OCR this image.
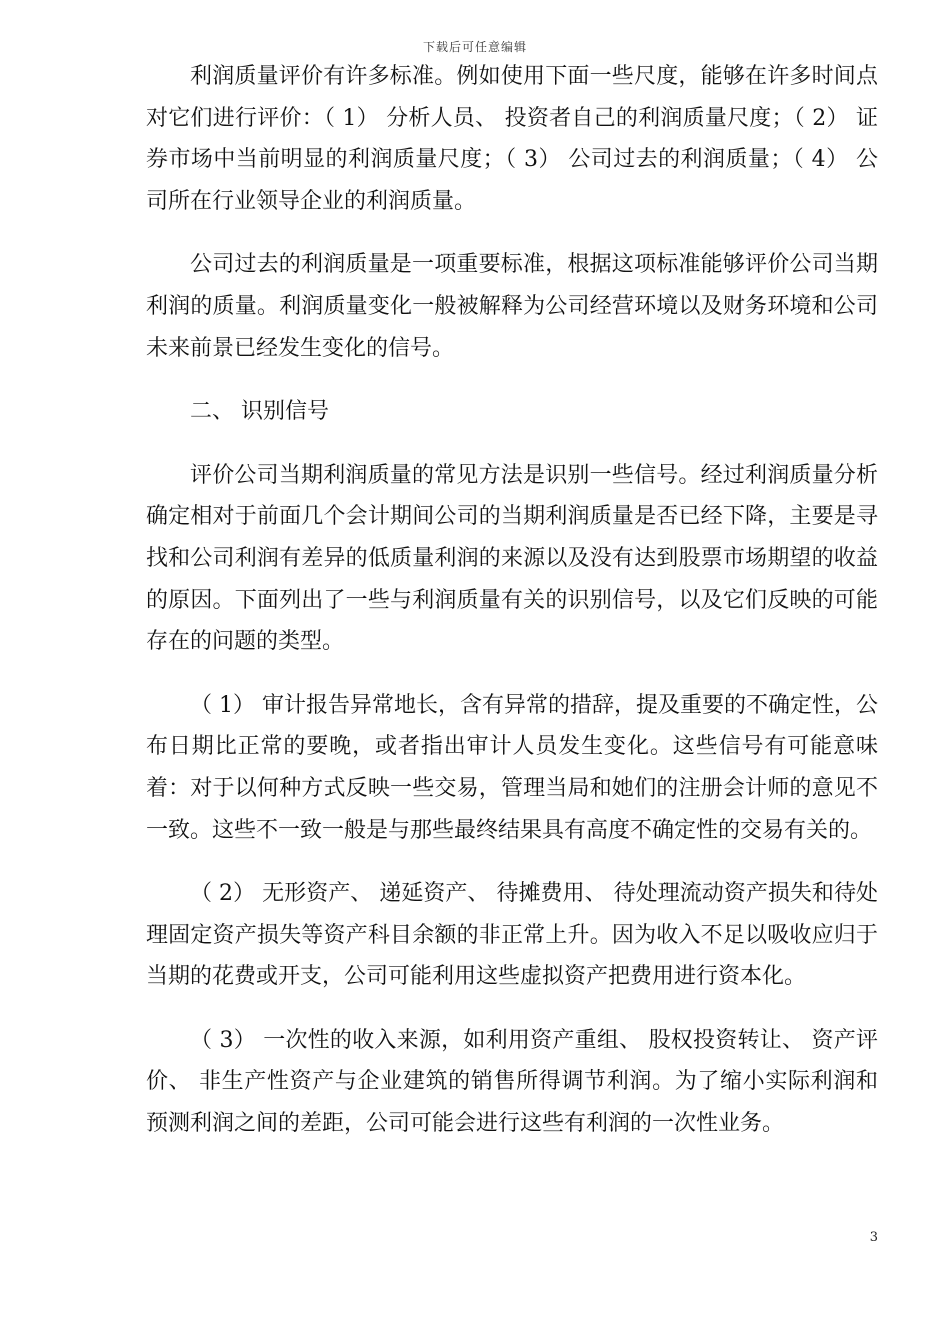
下载后可任意编辑

利润质量评价有许多标准。例如使用下面一些尺度，能够在许多时间点对它们进行评价：（ 1） 分析人员、 投资者自己的利润质量尺度；（ 2） 证券市场中当前明显的利润质量尺度；（ 3） 公司过去的利润质量；（ 4） 公司所在行业领导企业的利润质量。

公司过去的利润质量是一项重要标准，根据这项标准能够评价公司当期利润的质量。利润质量变化一般被解释为公司经营环境以及财务环境和公司未来前景已经发生变化的信号。

二、 识别信号

评价公司当期利润质量的常见方法是识别一些信号。经过利润质量分析确定相对于前面几个会计期间公司的当期利润质量是否已经下降，主要是寻找和公司利润有差异的低质量利润的来源以及没有达到股票市场期望的收益的原因。下面列出了一些与利润质量有关的识别信号，以及它们反映的可能存在的问题的类型。

（ 1） 审计报告异常地长，含有异常的措辞，提及重要的不确定性，公布日期比正常的要晚，或者指出审计人员发生变化。这些信号有可能意味着：对于以何种方式反映一些交易，管理当局和她们的注册会计师的意见不一致。这些不一致一般是与那些最终结果具有高度不确定性的交易有关的。

（ 2） 无形资产、 递延资产、 待摊费用、 待处理流动资产损失和待处理固定资产损失等资产科目余额的非正常上升。因为收入不足以吸收应归于当期的花费或开支，公司可能利用这些虚拟资产把费用进行资本化。

（ 3） 一次性的收入来源，如利用资产重组、 股权投资转让、 资产评价、 非生产性资产与企业建筑的销售所得调节利润。为了缩小实际利润和预测利润之间的差距，公司可能会进行这些有利润的一次性业务。

3
